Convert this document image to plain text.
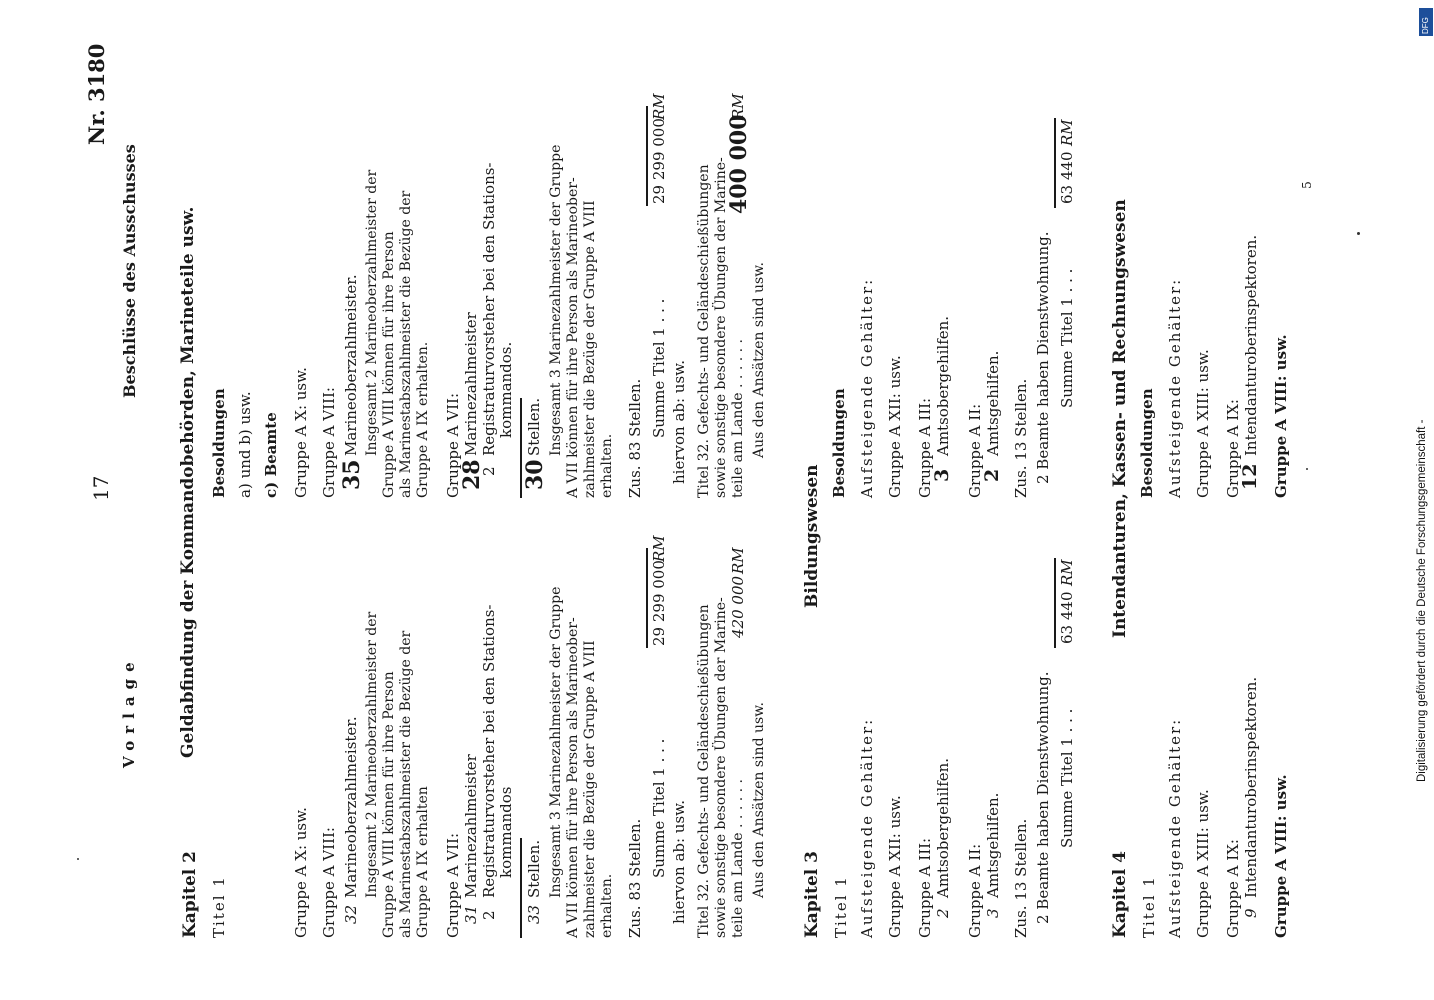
17
Nr. 3180
Vorlage
Kapitel 2
Geldabfindung der Kommandobehörden, Marineteile usw.
Titel 1
Besoldungen a) und b) usw. c) Beamte
Gruppe A X: usw. Gruppe A VIII: 32
Marineoberzahlmeister. Insgesamt 2 Marineoberzahlmeister der Gruppe A VIII können für ihre Person als Marinestabszahlmeister die Bezüge der Gruppe A IX erhalten Gruppe A VII: 31
Marinezahlmeister
2
Registraturvorsteher bei den Stations- kommandos
33
Stellen. Insgesamt 3 Marinezahlmeister der Gruppe A VII können für ihre Person als Marineober- zahlmeister die Bezüge der Gruppe A VIII erhalten. Zus. 83 Stellen.
Summe Titel 1 . . .
29 299 000
RM
hiervon ab: usw. Titel 32. Gefechts- und Geländeschießübungen sowie sonstige besondere Übungen der Marine- teile am Lande . . . . . .
420 000
RM
Aus den Ansätzen sind usw. Kapitel 3 Titel 1 Aufsteigende Gehälter: Gruppe A XII: usw. Gruppe A III: 2
Amtsobergehilfen. Gruppe A II: 3
Amtsgehilfen. Zus. 13 Stellen. 2 Beamte haben Dienstwohnung. Summe Titel 1 . . .
63 440
RM
Kapitel 4 Titel 1 Aufsteigende Gehälter: Gruppe A XIII: usw. Gruppe A IX: 9
Intendanturoberinspektoren. Gruppe A VIII: usw.
Beschlüsse des Ausschusses
Gruppe A X: usw. Gruppe A VIII: 35
Marineoberzahlmeister. Insgesamt 2 Marineoberzahlmeister der Gruppe A VIII können für ihre Person als Marinestabszahlmeister die Bezüge der Gruppe A IX erhalten. Gruppe A VII:
28
Marinezahlmeister
2
Registraturvorsteher bei den Stations- kommandos.
30
Stellen. Insgesamt 3 Marinezahlmeister der Gruppe A VII können für ihre Person als Marineober- zahlmeister die Bezüge der Gruppe A VIII erhalten. Zus. 83 Stellen.
Summe Titel 1 . . .
29 299 000
RM
hiervon ab: usw. Titel 32. Gefechts- und Geländeschießübungen sowie sonstige besondere Übungen der Marine- teile am Lande . . . . . .
400 000
RM
Aus den Ansätzen sind usw.
Bildungswesen
Besoldungen Aufsteigende Gehälter: Gruppe A XII: usw. Gruppe A III:
3
Amtsobergehilfen. Gruppe A II:
2
Amtsgehilfen. Zus. 13 Stellen. 2 Beamte haben Dienstwohnung. Summe Titel 1 . . .
63 440
RM
Intendanturen, Kassen- und Rechnungswesen Besoldungen Aufsteigende Gehälter: Gruppe A XIII: usw. Gruppe A IX:
12
Intendanturoberinspektoren. Gruppe A VIII: usw.
5
DFG
Digitalisierung gefördert durch die Deutsche Forschungsgemeinschaft -
